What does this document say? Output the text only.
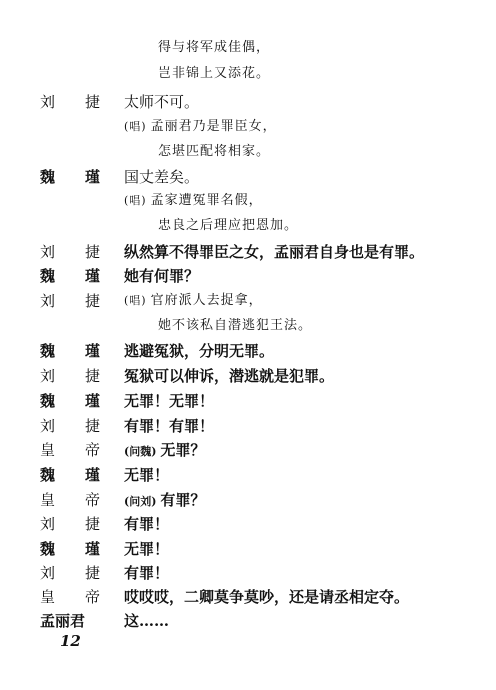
得与将军成佳偶，
岂非锦上又添花。
刘　　捷	太师不可。
(唱) 孟丽君乃是罪臣女，
怎堪匹配将相家。
魏　　瑾	国丈差矣。
(唱) 孟家遭冤罪名假，
忠良之后理应把恩加。
刘　　捷	纵然算不得罪臣之女，孟丽君自身也是有罪。
魏　　瑾	她有何罪？
刘　　捷	(唱) 官府派人去捉拿，
她不该私自潜逃犯王法。
魏　　瑾	逃避冤狱，分明无罪。
刘　　捷	冤狱可以伸诉，潜逃就是犯罪。
魏　　瑾	无罪！无罪！
刘　　捷	有罪！有罪！
皇　　帝	(问魏) 无罪？
魏　　瑾	无罪！
皇　　帝	(问刘) 有罪？
刘　　捷	有罪！
魏　　瑾	无罪！
刘　　捷	有罪！
皇　　帝	哎哎哎，二卿莫争莫吵，还是请丞相定夺。
孟丽君	这……
12
